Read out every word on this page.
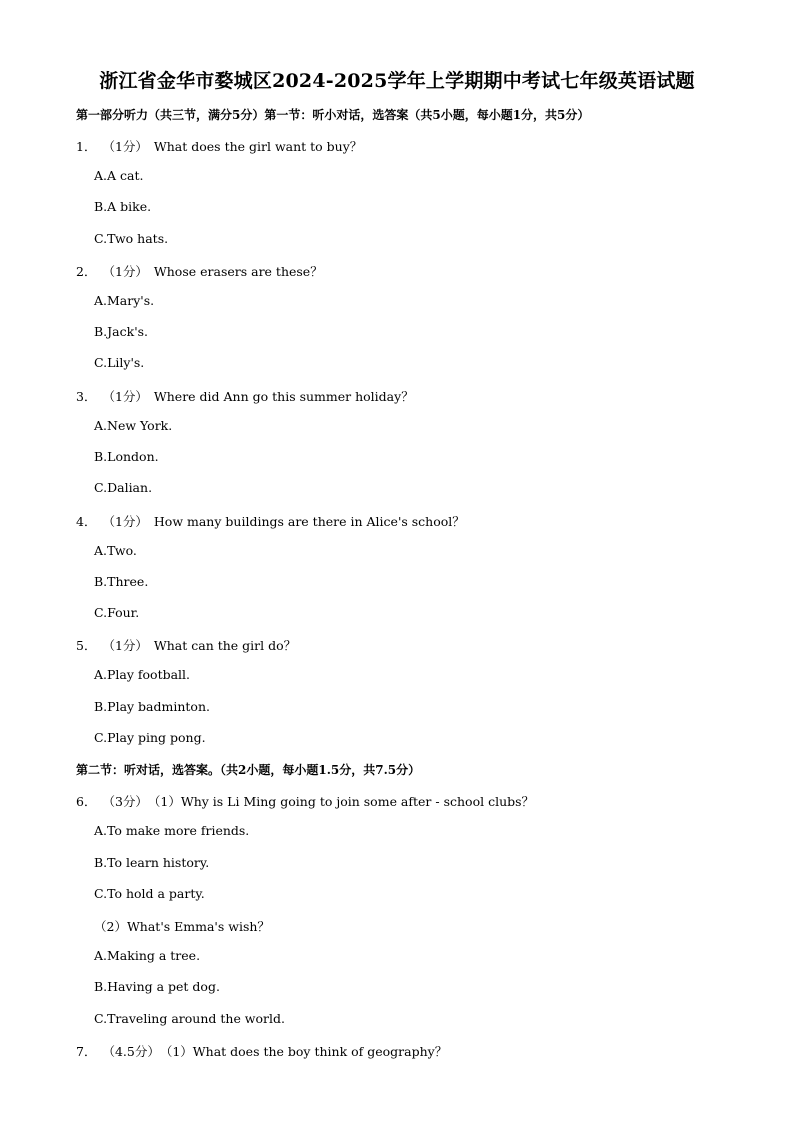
浙江省金华市婺城区2024-2025学年上学期期中考试七年级英语试题
第一部分听力（共三节，满分5分）第一节：听小对话，选答案（共5小题，每小题1分，共5分）
1． （1分）What does the girl want to buy？
A.A cat.
B.A bike.
C.Two hats.
2． （1分） Whose erasers are these？
A.Mary's.
B.Jack's.
C.Lily's.
3． （1分）Where did Ann go this summer holiday？
A.New York.
B.London.
C.Dalian.
4． （1分） How many buildings are there in Alice's school？
A.Two.
B.Three.
C.Four.
5． （1分）What can the girl do？
A.Play football.
B.Play badminton.
C.Play ping pong.
第二节：听对话，选答案。（共2小题，每小题1.5分，共7.5分）
6． （3分）（1）Why is Li Ming going to join some after - school clubs？
A.To make more friends.
B.To learn history.
C.To hold a party.
（2）What's Emma's wish？
A.Making a tree.
B.Having a pet dog.
C.Traveling around the world.
7． （4.5分）（1）What does the boy think of geography？
